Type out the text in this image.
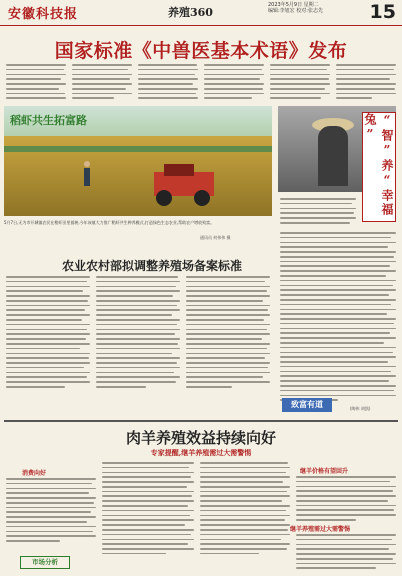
安徽科技报	养殖360
2023年5月9日 星期二
编辑:李旭宏 校对:张志先 15
国家标准《中兽医基本术语》发布
稻虾共生拓富路
5月7日,无为市开城镇农民在稻虾田里插秧,今年该镇大力推广稻虾共生种养模式,打造绿色生态农业,帮助农户增收致富。
通讯员 何伟伟 摄
农业农村部拟调整养殖场备案标准
“智”养“幸福兔”
致富有道	(陶伟 胡凯)
肉羊养殖效益持续向好
专家提醒,继羊养殖需过大需警惕
消费向好	继羊价格有望回升
继羊养殖需过大需警惕
市场分析
